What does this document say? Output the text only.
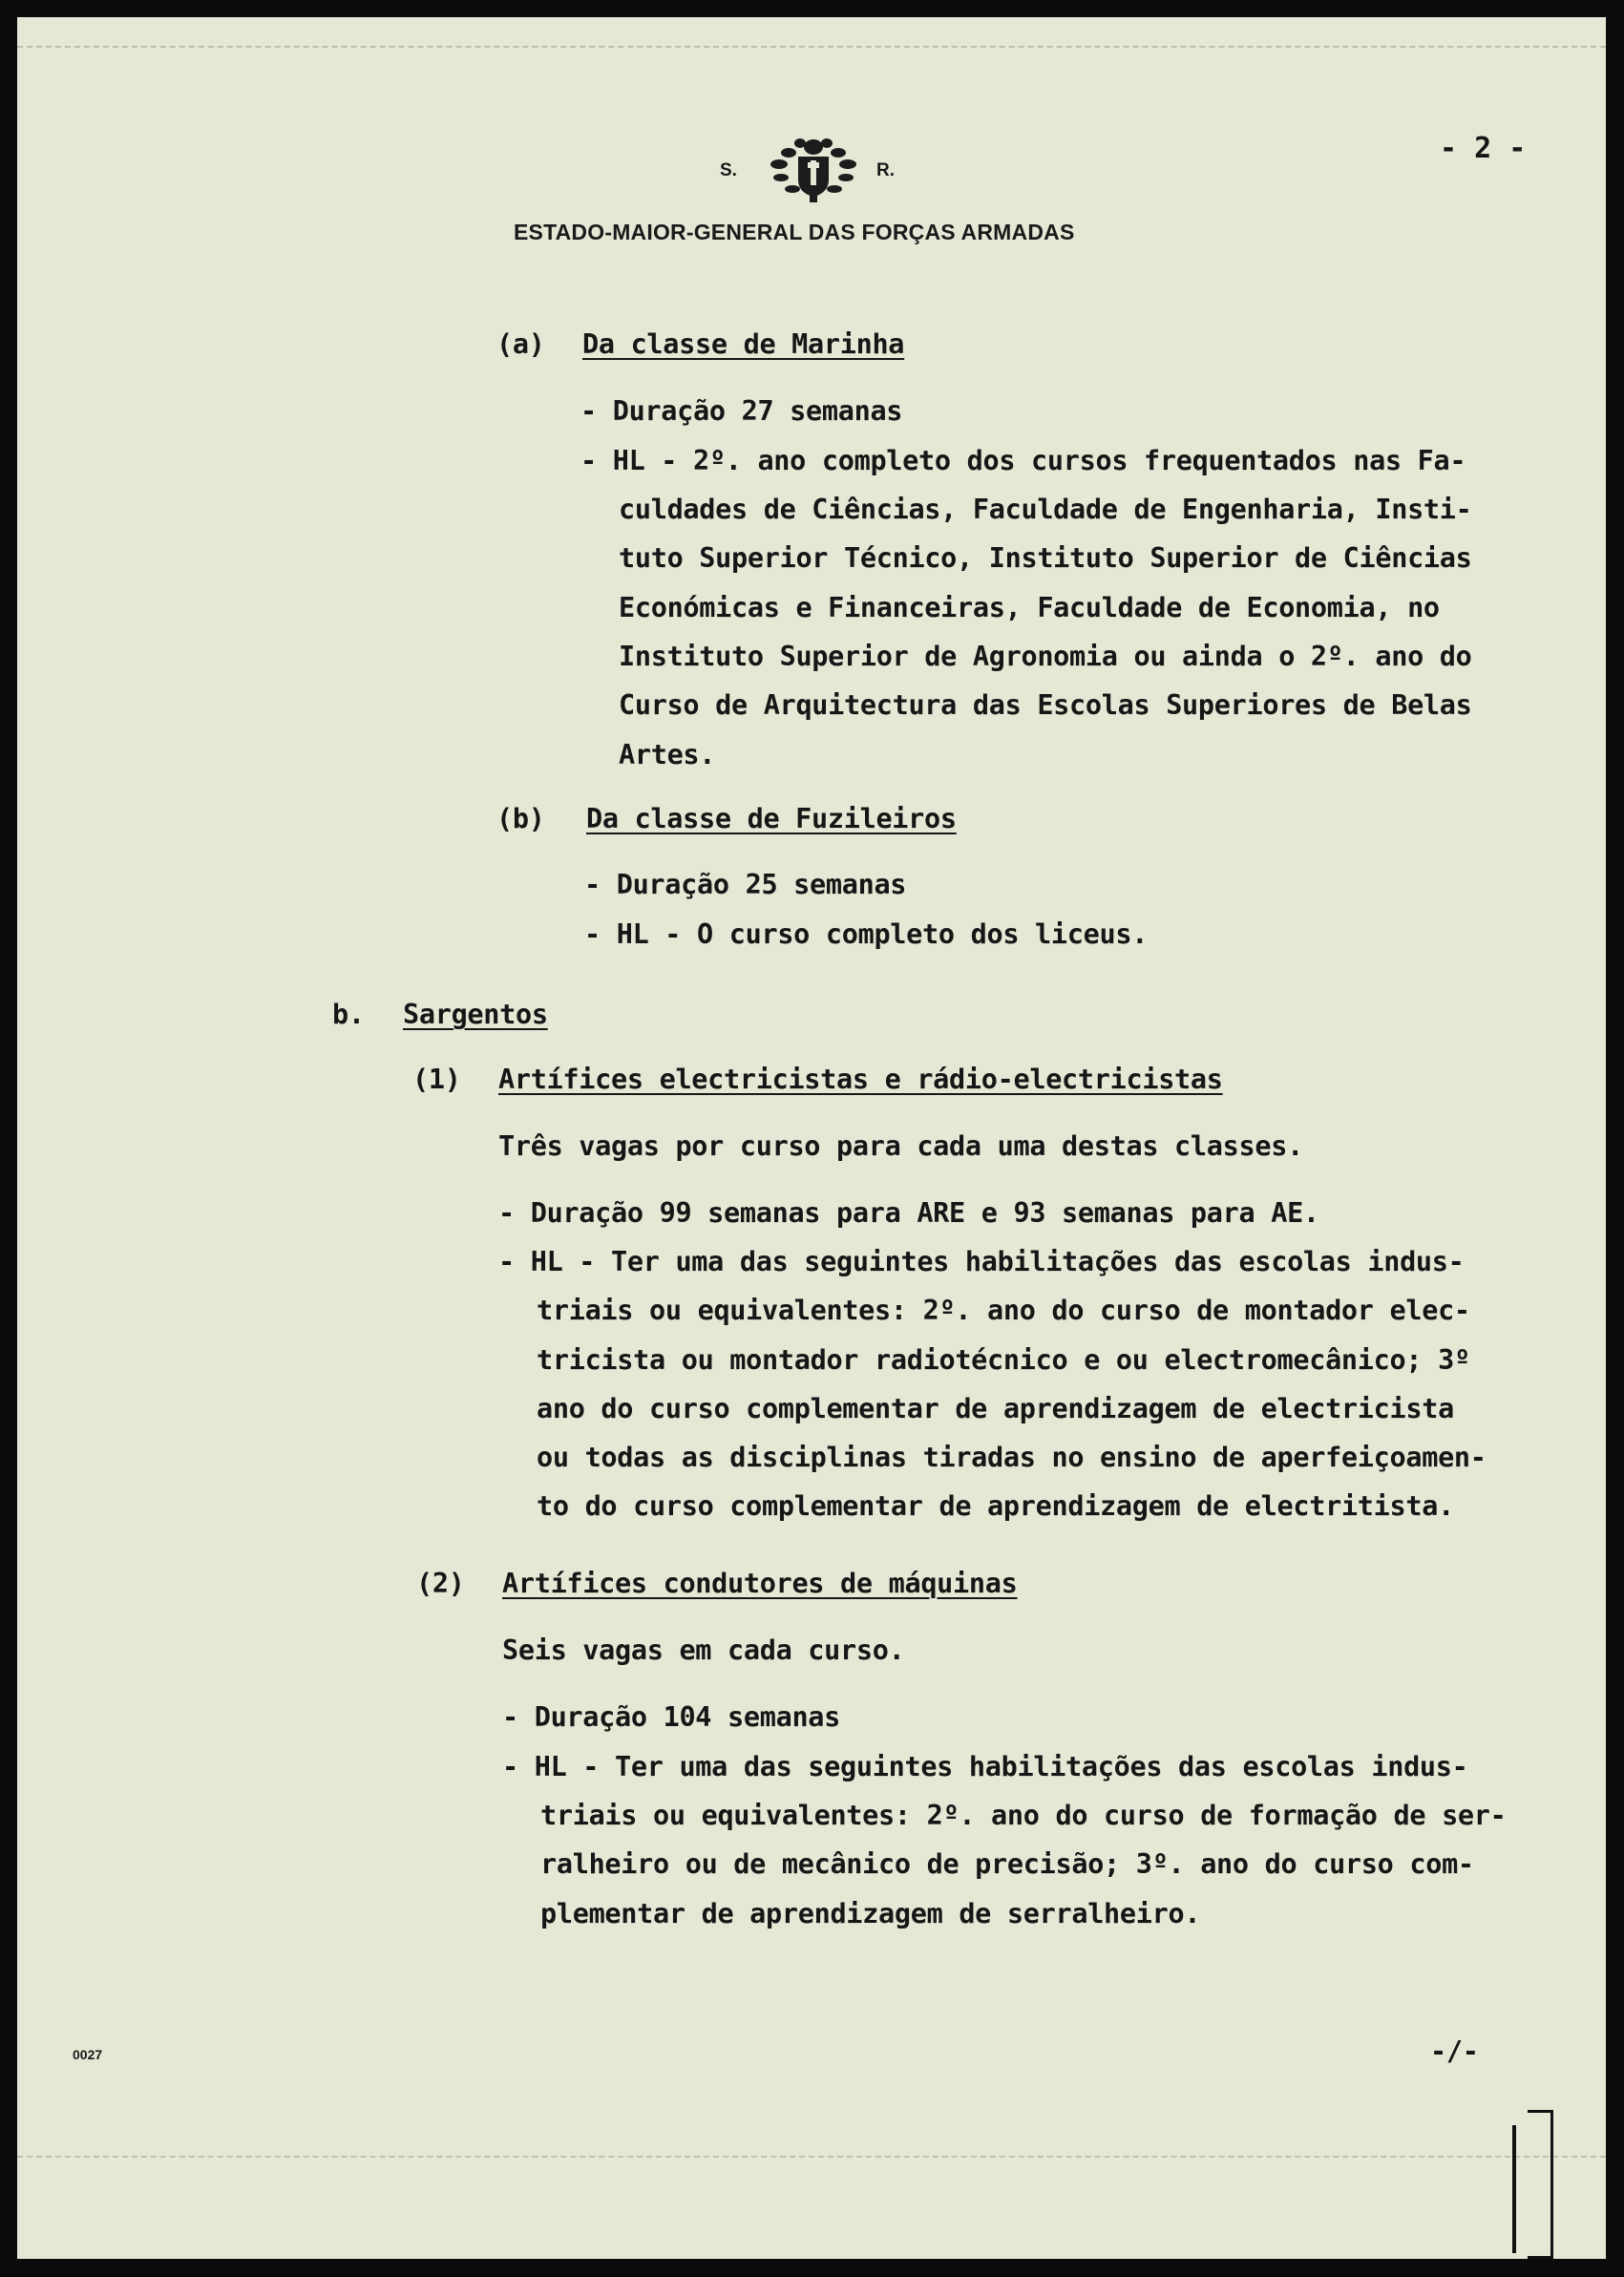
S.	R.
ESTADO-MAIOR-GENERAL DAS FORÇAS ARMADAS
- 2 -
(a) Da classe de Marinha
- Duração 27 semanas
- HL - 2º. ano completo dos cursos frequentados nas Fa-
culdades de Ciências, Faculdade de Engenharia, Insti-
tuto Superior Técnico, Instituto Superior de Ciências
Económicas e Financeiras, Faculdade de Economia, no
Instituto Superior de Agronomia ou ainda o 2º. ano do
Curso de Arquitectura das Escolas Superiores de Belas
Artes.
(b) Da classe de Fuzileiros
- Duração 25 semanas
- HL - O curso completo dos liceus.
b. Sargentos
(1) Artífices electricistas e rádio-electricistas
Três vagas por curso para cada uma destas classes.
- Duração 99 semanas para ARE e 93 semanas para AE.
- HL - Ter uma das seguintes habilitações das escolas indus-
triais ou equivalentes: 2º. ano do curso de montador elec-
tricista ou montador radiotécnico e ou electromecânico; 3º
ano do curso complementar de aprendizagem de electricista
ou todas as disciplinas tiradas no ensino de aperfeiçoamen-
to do curso complementar de aprendizagem de electritista.
(2) Artífices condutores de máquinas
Seis vagas em cada curso.
- Duração 104 semanas
- HL - Ter uma das seguintes habilitações das escolas indus-
triais ou equivalentes: 2º. ano do curso de formação de ser-
ralheiro ou de mecânico de precisão; 3º. ano do curso com-
plementar de aprendizagem de serralheiro.
0027	-/-
